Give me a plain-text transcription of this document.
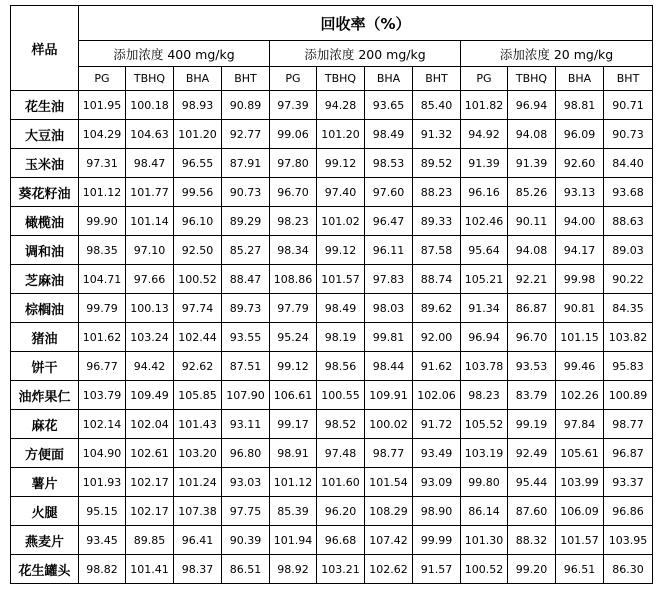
样品	回收率（%）											
	添加浓度 400 mg/kg				添加浓度 200 mg/kg				添加浓度 20 mg/kg			
	PG	TBHQ	BHA	BHT	PG	TBHQ	BHA	BHT	PG	TBHQ	BHA	BHT
花生油	101.95	100.18	98.93	90.89	97.39	94.28	93.65	85.40	101.82	96.94	98.81	90.71
大豆油	104.29	104.63	101.20	92.77	99.06	101.20	98.49	91.32	94.92	94.08	96.09	90.73
玉米油	97.31	98.47	96.55	87.91	97.80	99.12	98.53	89.52	91.39	91.39	92.60	84.40
葵花籽油	101.12	101.77	99.56	90.73	96.70	97.40	97.60	88.23	96.16	85.26	93.13	93.68
橄榄油	99.90	101.14	96.10	89.29	98.23	101.02	96.47	89.33	102.46	90.11	94.00	88.63
调和油	98.35	97.10	92.50	85.27	98.34	99.12	96.11	87.58	95.64	94.08	94.17	89.03
芝麻油	104.71	97.66	100.52	88.47	108.86	101.57	97.83	88.74	105.21	92.21	99.98	90.22
棕榈油	99.79	100.13	97.74	89.73	97.79	98.49	98.03	89.62	91.34	86.87	90.81	84.35
猪油	101.62	103.24	102.44	93.55	95.24	98.19	99.81	92.00	96.94	96.70	101.15	103.82
饼干	96.77	94.42	92.62	87.51	99.12	98.56	98.44	91.62	103.78	93.53	99.46	95.83
油炸果仁	103.79	109.49	105.85	107.90	106.61	100.55	109.91	102.06	98.23	83.79	102.26	100.89
麻花	102.14	102.04	101.43	93.11	99.17	98.52	100.02	91.72	105.52	99.19	97.84	98.77
方便面	104.90	102.61	103.20	96.80	98.91	97.48	98.77	93.49	103.19	92.49	105.61	96.87
薯片	101.93	102.17	101.24	93.03	101.12	101.60	101.54	93.09	99.80	95.44	103.99	93.37
火腿	95.15	102.17	107.38	97.75	85.39	96.20	108.29	98.90	86.14	87.60	106.09	96.86
燕麦片	93.45	89.85	96.41	90.39	101.94	96.68	107.42	99.99	101.30	88.32	101.57	103.95
花生罐头	98.82	101.41	98.37	86.51	98.92	103.21	102.62	91.57	100.52	99.20	96.51	86.30
